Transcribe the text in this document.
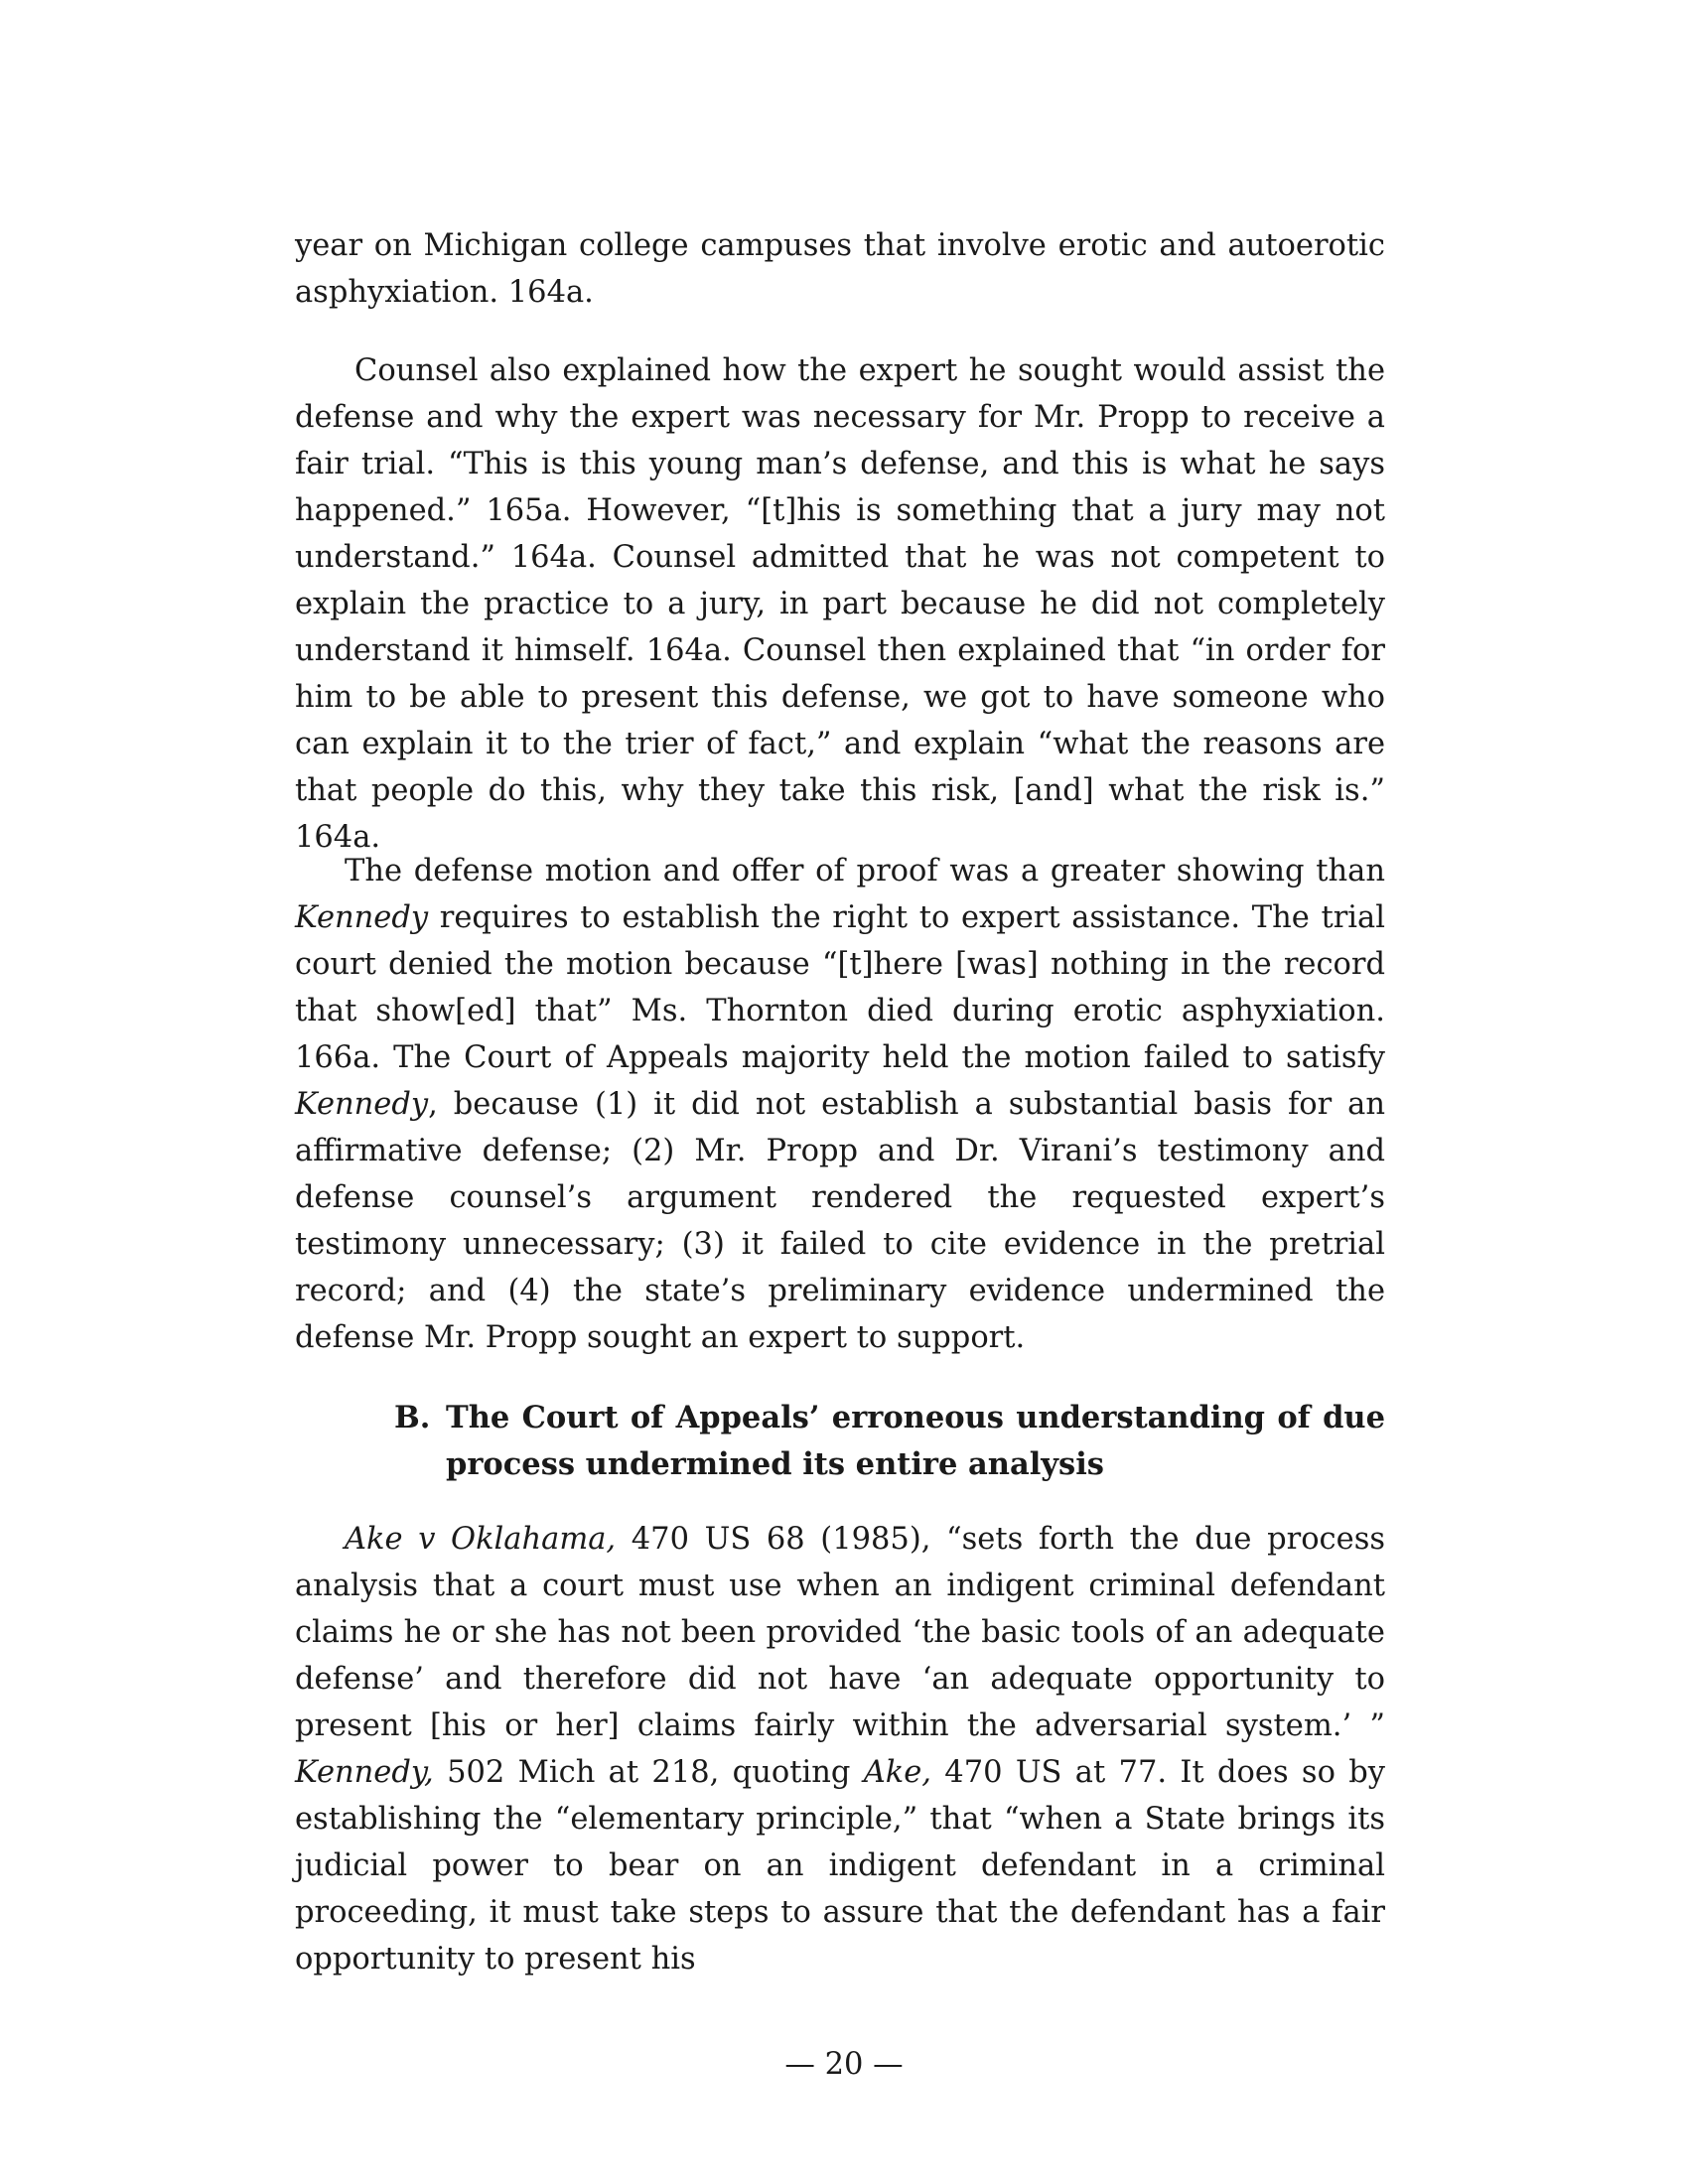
year on Michigan college campuses that involve erotic and autoerotic asphyxiation. 164a.

Counsel also explained how the expert he sought would assist the defense and why the expert was necessary for Mr. Propp to receive a fair trial. “This is this young man’s defense, and this is what he says happened.” 165a. However, “[t]his is something that a jury may not understand.” 164a. Counsel admitted that he was not competent to explain the practice to a jury, in part because he did not completely understand it himself. 164a. Counsel then explained that “in order for him to be able to present this defense, we got to have someone who can explain it to the trier of fact,” and explain “what the reasons are that people do this, why they take this risk, [and] what the risk is.” 164a.

The defense motion and offer of proof was a greater showing than Kennedy requires to establish the right to expert assistance. The trial court denied the motion because “[t]here [was] nothing in the record that show[ed] that” Ms. Thornton died during erotic asphyxiation. 166a. The Court of Appeals majority held the motion failed to satisfy Kennedy, because (1) it did not establish a substantial basis for an affirmative defense; (2) Mr. Propp and Dr. Virani’s testimony and defense counsel’s argument rendered the requested expert’s testimony unnecessary; (3) it failed to cite evidence in the pretrial record; and (4) the state’s preliminary evidence undermined the defense Mr. Propp sought an expert to support.

B. The Court of Appeals’ erroneous understanding of due process undermined its entire analysis

Ake v Oklahama, 470 US 68 (1985), “sets forth the due process analysis that a court must use when an indigent criminal defendant claims he or she has not been provided ‘the basic tools of an adequate defense’ and therefore did not have ‘an adequate opportunity to present [his or her] claims fairly within the adversarial system.’ ” Kennedy, 502 Mich at 218, quoting Ake, 470 US at 77. It does so by establishing the “elementary principle,” that “when a State brings its judicial power to bear on an indigent defendant in a criminal proceeding, it must take steps to assure that the defendant has a fair opportunity to present his

— 20 —
